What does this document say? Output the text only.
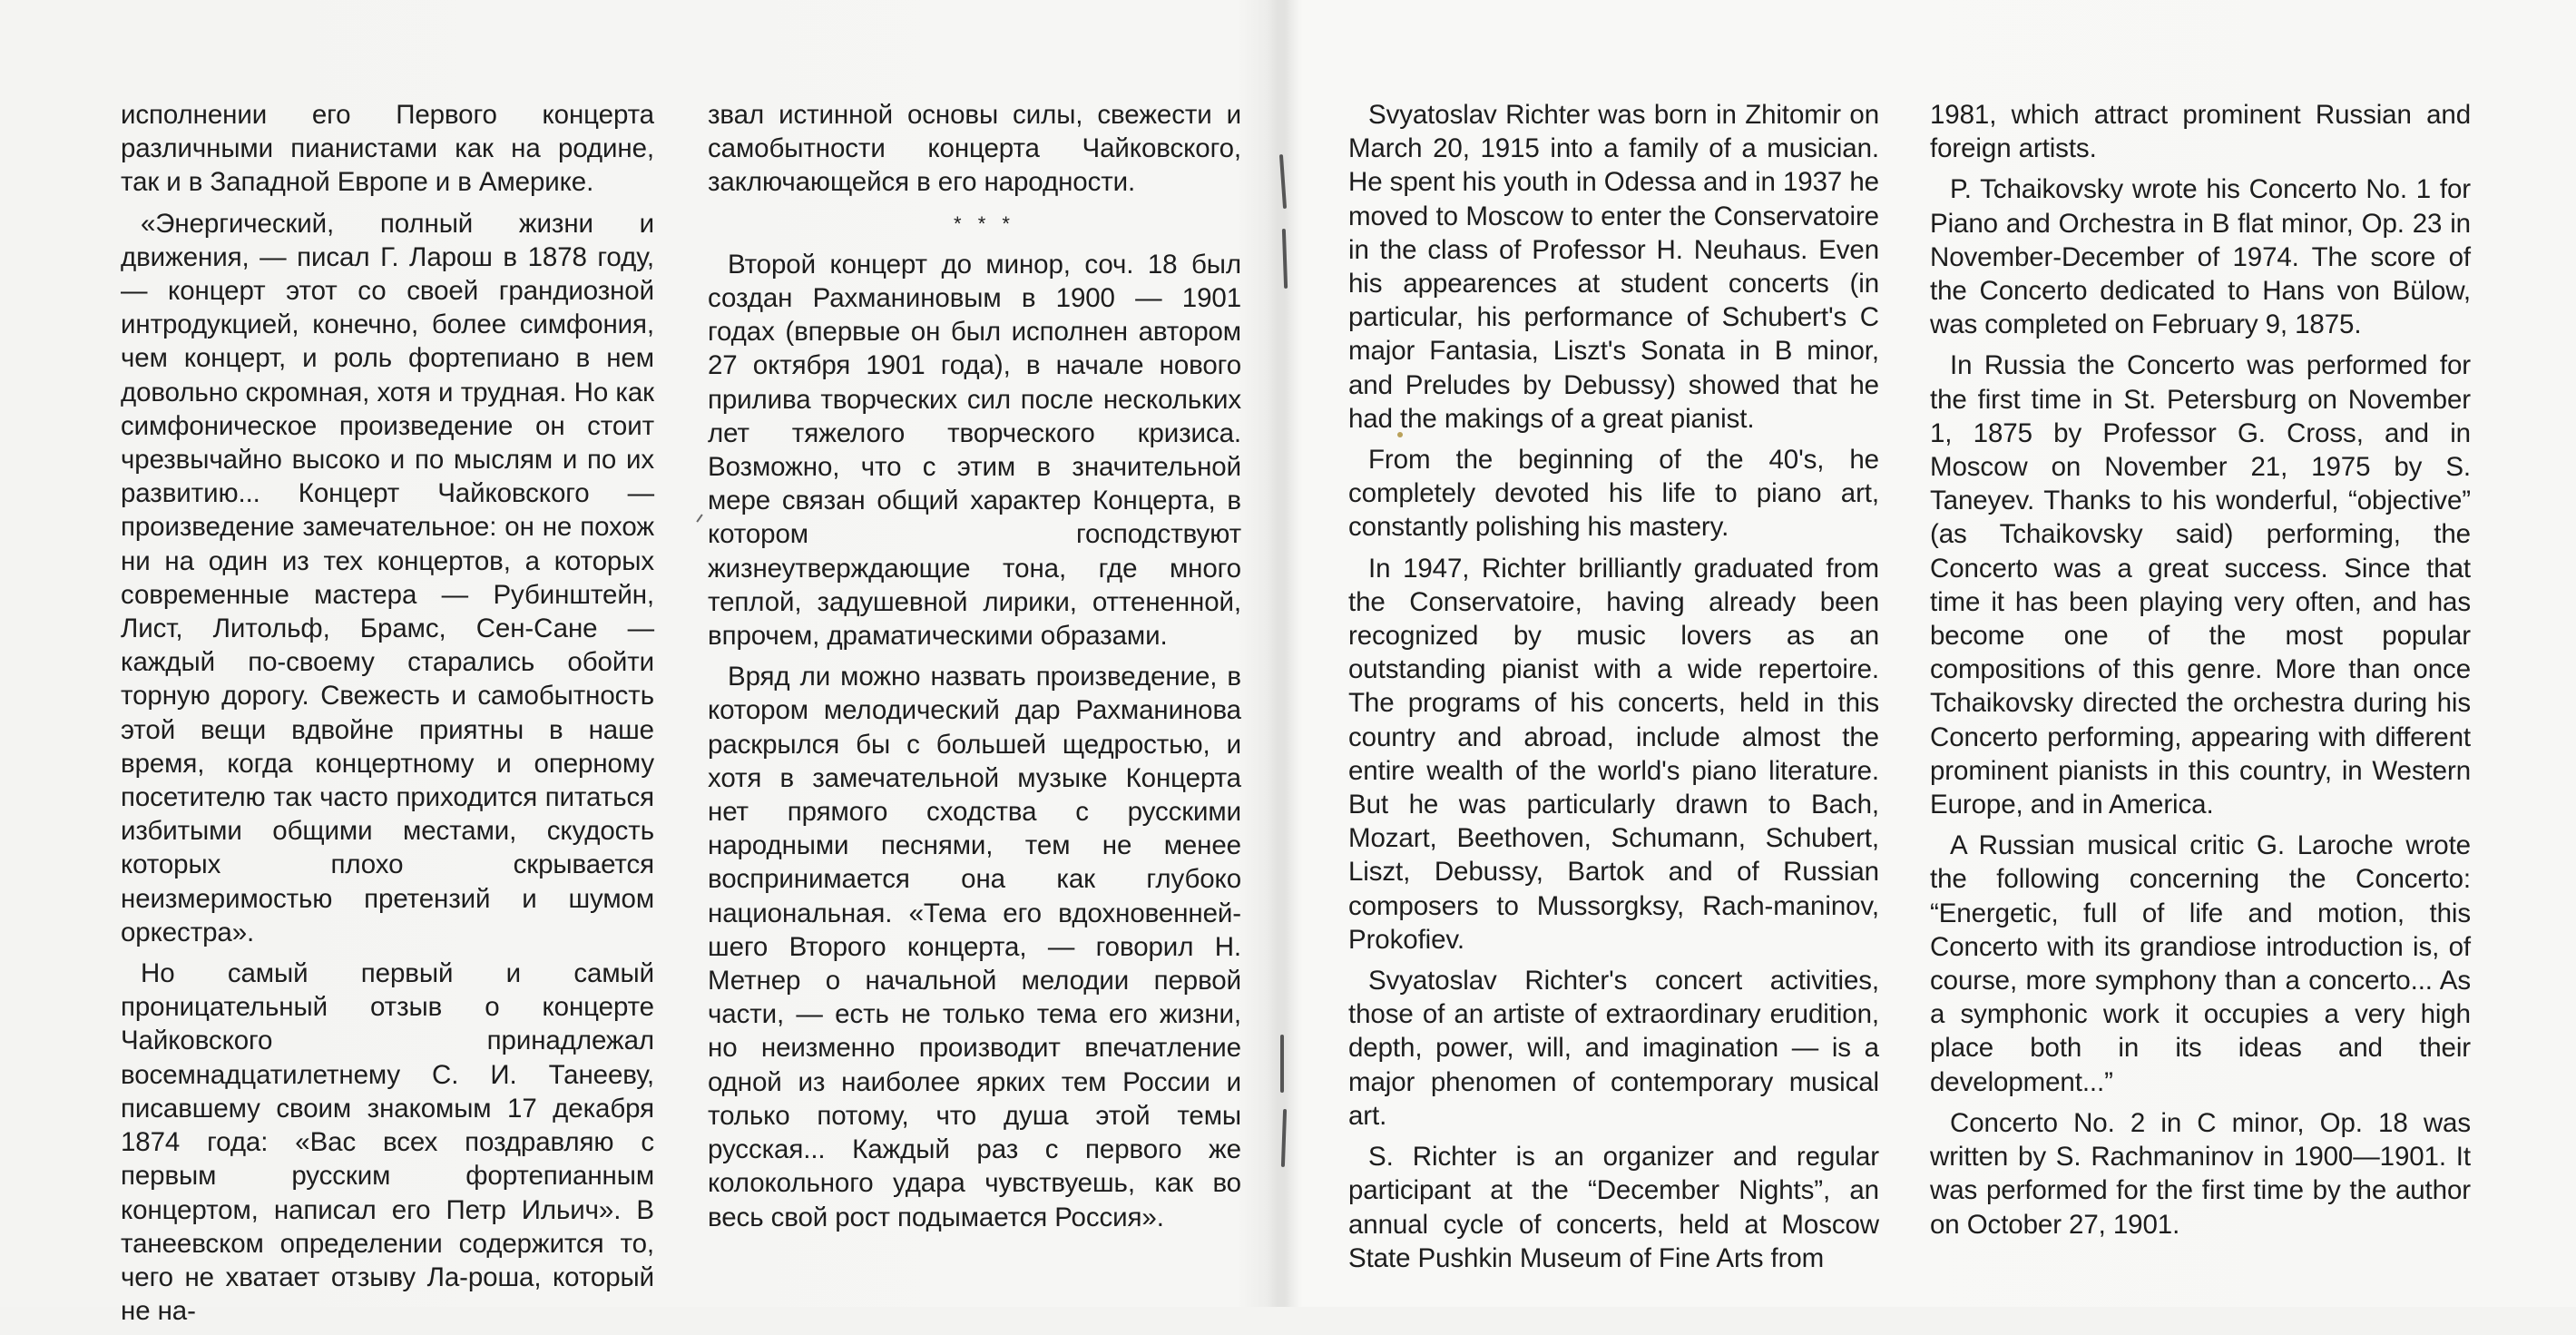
исполнении его Первого концерта различными пианистами как на родине, так и в Западной Европе и в Америке.

«Энергический, полный жизни и движения, — писал Г. Ларош в 1878 году, — концерт этот со своей грандиозной интродукцией, конечно, более симфония, чем концерт, и роль фортепиано в нем довольно скромная, хотя и трудная. Но как симфоническое произведение он стоит чрезвычайно высоко и по мыслям и по их развитию... Концерт Чайковского — произведение замечательное: он не похож ни на один из тех концертов, а которых современные мастера — Рубинштейн, Лист, Литольф, Брамс, Сен-Сане — каждый по-своему старались обойти торную дорогу. Свежесть и самобытность этой вещи вдвойне приятны в наше время, когда концертному и оперному посетителю так часто приходится питаться избитыми общими местами, скудость которых плохо скрывается неизмеримостью претензий и шумом оркестра».

Но самый первый и самый проницательный отзыв о концерте Чайковского принадлежал восемнадцатилетнему С. И. Танееву, писавшему своим знакомым 17 декабря 1874 года: «Вас всех поздравляю с первым русским фортепианным концертом, написал его Петр Ильич». В танеевском определении содержится то, чего не хватает отзыву Ла-роша, который не на-

звал истинной основы силы, свежести и самобытности концерта Чайковского, заключающейся в его народности.

* * *

Второй концерт до минор, соч. 18 был создан Рахманиновым в 1900 — 1901 годах (впервые он был исполнен автором 27 октября 1901 года), в начале нового прилива творческих сил после нескольких лет тяжелого творческого кризиса. Возможно, что с этим в значительной мере связан общий характер Концерта, в котором господствуют жизнеутверждающие тона, где много теплой, задушевной лирики, оттененной, впрочем, драматическими образами.

Вряд ли можно назвать произведение, в котором мелодический дар Рахманинова раскрылся бы с большей щедростью, и хотя в замечательной музыке Концерта нет прямого сходства с русскими народными песнями, тем не менее воспринимается она как глубоко национальная. «Тема его вдохновенней-шего Второго концерта, — говорил Н. Метнер о начальной мелодии первой части, — есть не только тема его жизни, но неизменно производит впечатление одной из наиболее ярких тем России и только потому, что душа этой темы русская... Каждый раз с первого же колокольного удара чувствуешь, как во весь свой рост подымается Россия».

Svyatoslav Richter was born in Zhitomir on March 20, 1915 into a family of a musician. He spent his youth in Odessa and in 1937 he moved to Moscow to enter the Conservatoire in the class of Professor H. Neuhaus. Even his appearences at student concerts (in particular, his performance of Schubert's C major Fantasia, Liszt's Sonata in B minor, and Preludes by Debussy) showed that he had the makings of a great pianist.

From the beginning of the 40's, he completely devoted his life to piano art, constantly polishing his mastery.

In 1947, Richter brilliantly graduated from the Conservatoire, having already been recognized by music lovers as an outstanding pianist with a wide repertoire. The programs of his concerts, held in this country and abroad, include almost the entire wealth of the world's piano literature. But he was particularly drawn to Bach, Mozart, Beethoven, Schumann, Schubert, Liszt, Debussy, Bartok and of Russian composers to Mussorgksy, Rach-maninov, Prokofiev.

Svyatoslav Richter's concert activities, those of an artiste of extraordinary erudition, depth, power, will, and imagination — is a major phenomen of contemporary musical art.

S. Richter is an organizer and regular participant at the “December Nights”, an annual cycle of concerts, held at Moscow State Pushkin Museum of Fine Arts from

1981, which attract prominent Russian and foreign artists.

P. Tchaikovsky wrote his Concerto No. 1 for Piano and Orchestra in B flat minor, Op. 23 in November-December of 1974. The score of the Concerto dedicated to Hans von Bülow, was completed on February 9, 1875.

In Russia the Concerto was performed for the first time in St. Petersburg on November 1, 1875 by Professor G. Cross, and in Moscow on November 21, 1975 by S. Taneyev. Thanks to his wonderful, “objective” (as Tchaikovsky said) performing, the Concerto was a great success. Since that time it has been playing very often, and has become one of the most popular compositions of this genre. More than once Tchaikovsky directed the orchestra during his Concerto performing, appearing with different prominent pianists in this country, in Western Europe, and in America.

A Russian musical critic G. Laroche wrote the following concerning the Concerto: “Energetic, full of life and motion, this Concerto with its grandiose introduction is, of course, more symphony than a concerto... As a symphonic work it occupies a very high place both in its ideas and their development...”

Concerto No. 2 in C minor, Op. 18 was written by S. Rachmaninov in 1900—1901. It was performed for the first time by the author on October 27, 1901.
